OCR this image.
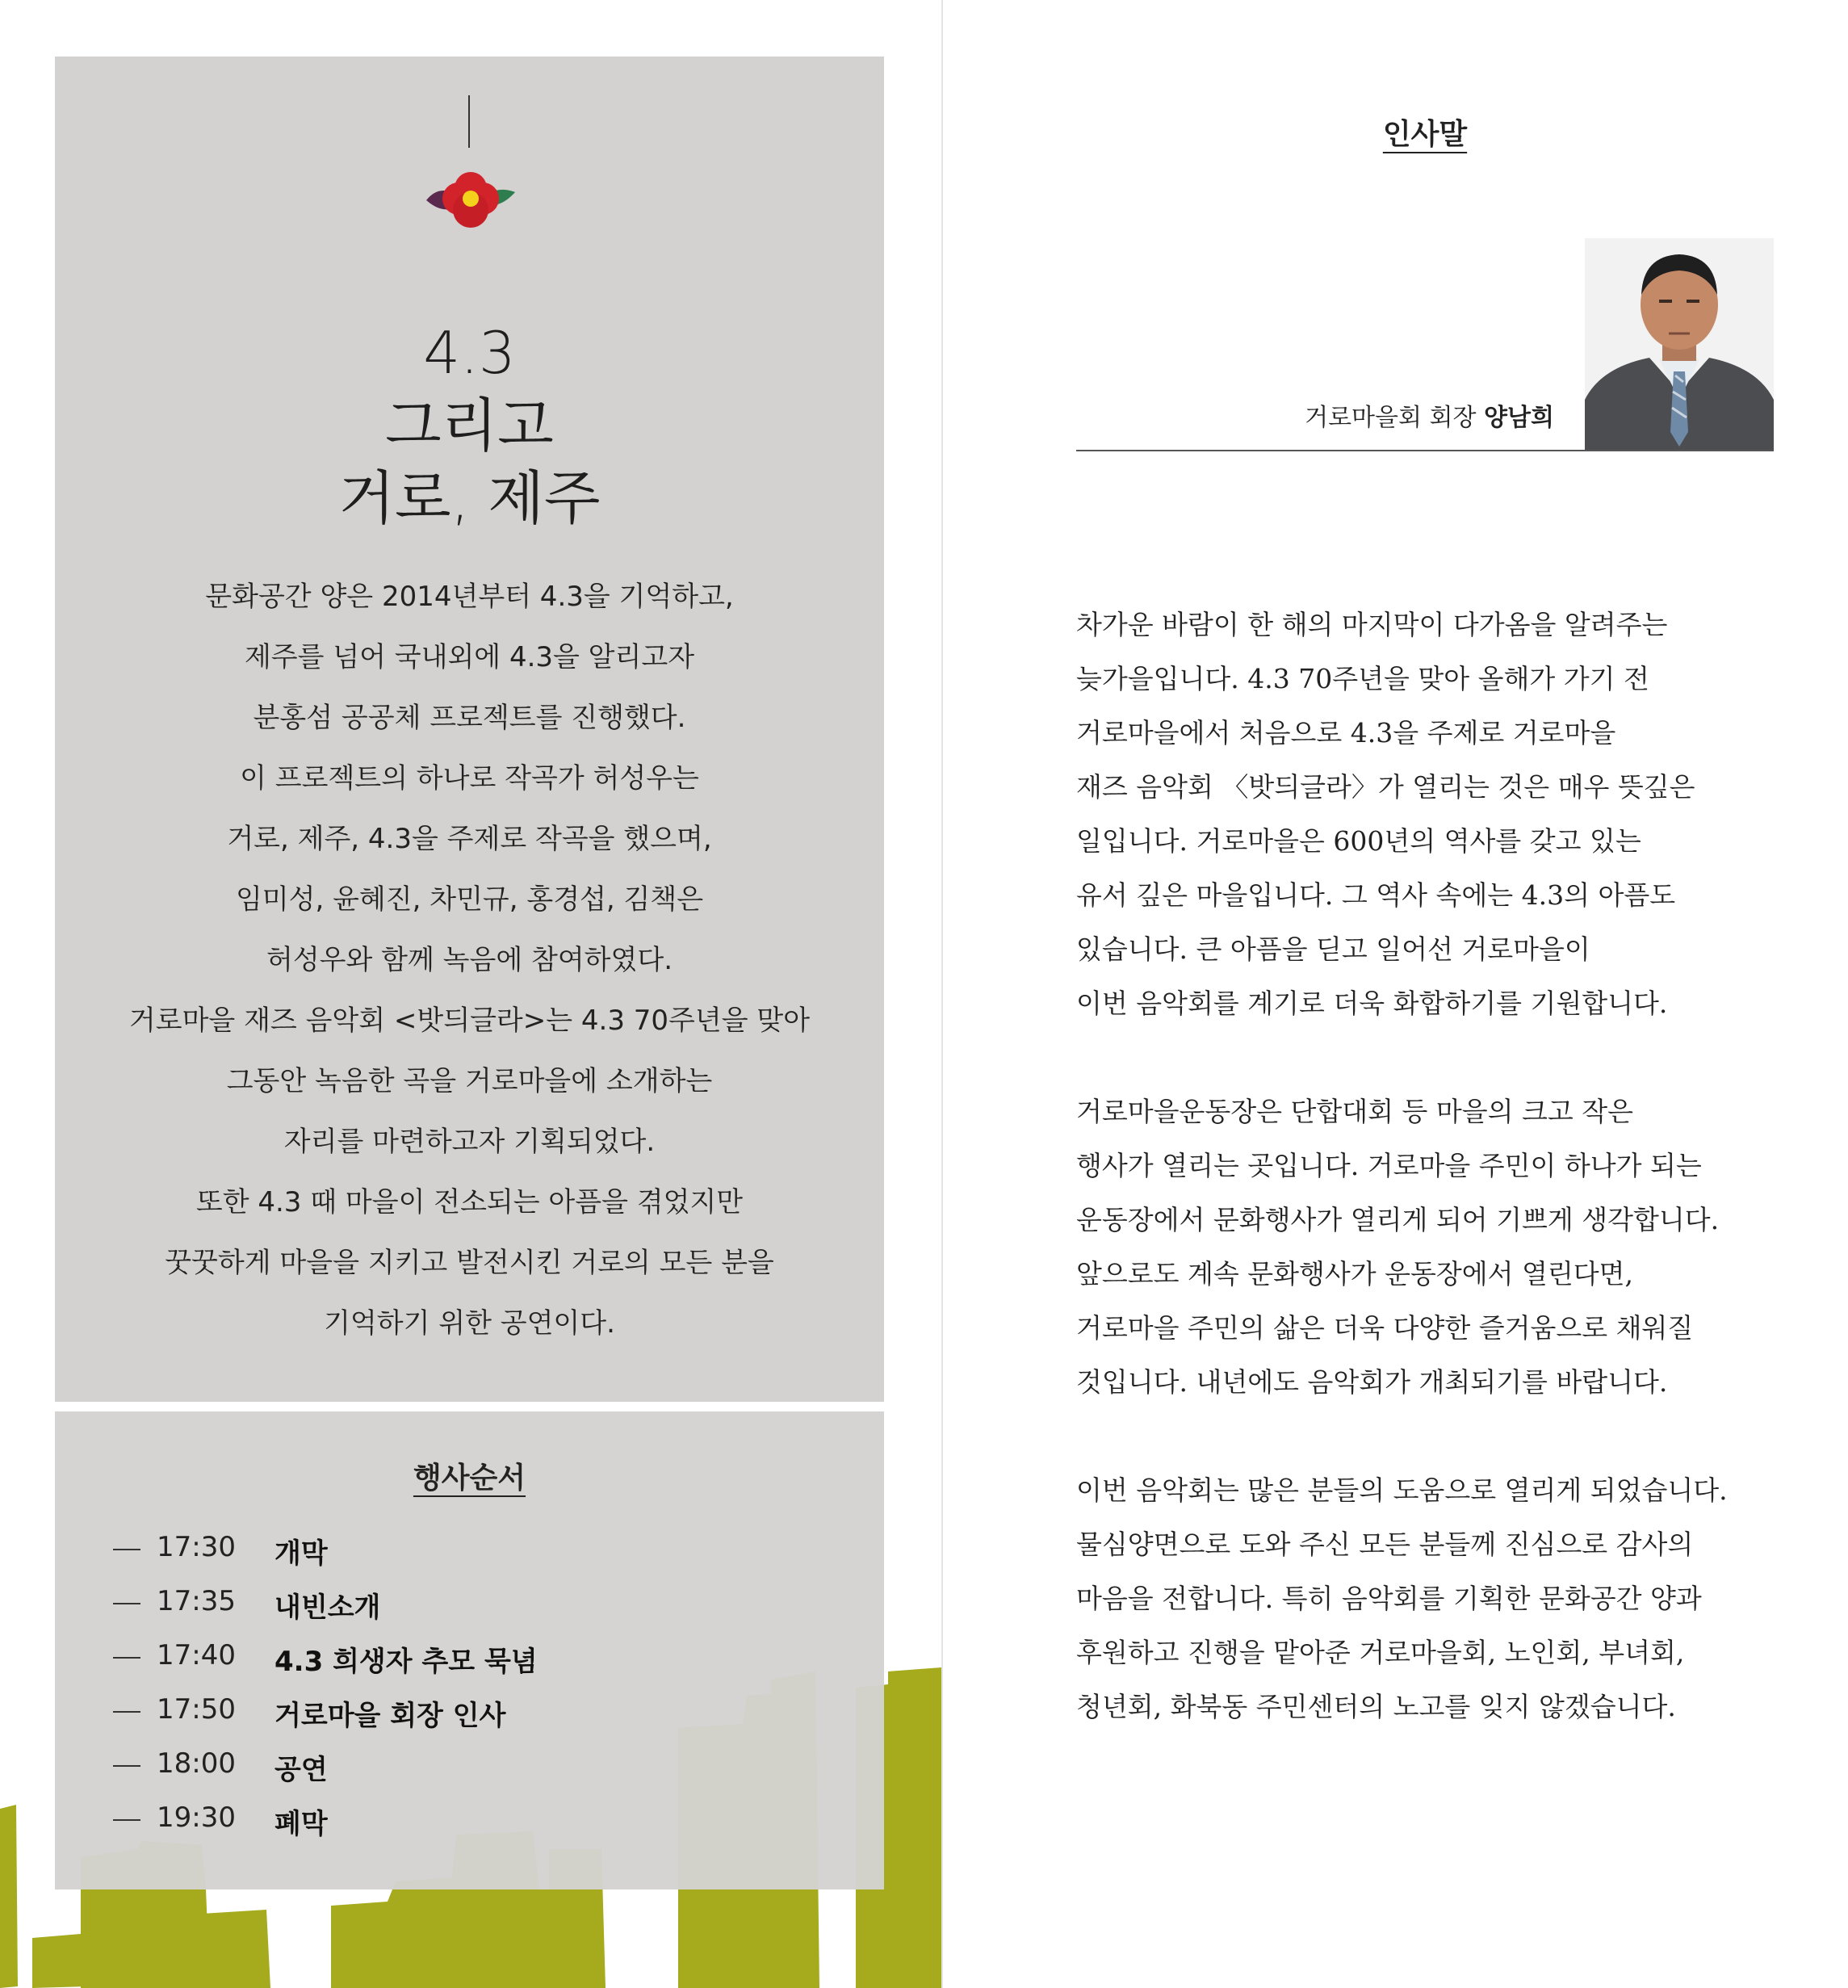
4.3
그리고
거로, 제주
문화공간 양은 2014년부터 4.3을 기억하고,
제주를 넘어 국내외에 4.3을 알리고자
분홍섬 공공체 프로젝트를 진행했다.
이 프로젝트의 하나로 작곡가 허성우는
거로, 제주, 4.3을 주제로 작곡을 했으며,
임미성, 윤혜진, 차민규, 홍경섭, 김책은
허성우와 함께 녹음에 참여하였다.
거로마을 재즈 음악회 <밧듸글라>는 4.3 70주년을 맞아
그동안 녹음한 곡을 거로마을에 소개하는
자리를 마련하고자 기획되었다.
또한 4.3 때 마을이 전소되는 아픔을 겪었지만
꿋꿋하게 마을을 지키고 발전시킨 거로의 모든 분을
기억하기 위한 공연이다.
행사순서
17:30 개막
17:35 내빈소개
17:40 4.3 희생자 추모 묵념
17:50 거로마을 회장 인사
18:00 공연
19:30 폐막
인사말
거로마을회 회장 양남희
차가운 바람이 한 해의 마지막이 다가옴을 알려주는
늦가을입니다. 4.3 70주년을 맞아 올해가 가기 전
거로마을에서 처음으로 4.3을 주제로 거로마을
재즈 음악회 〈밧듸글라〉가 열리는 것은 매우 뜻깊은
일입니다. 거로마을은 600년의 역사를 갖고 있는
유서 깊은 마을입니다. 그 역사 속에는 4.3의 아픔도
있습니다. 큰 아픔을 딛고 일어선 거로마을이
이번 음악회를 계기로 더욱 화합하기를 기원합니다.
거로마을운동장은 단합대회 등 마을의 크고 작은
행사가 열리는 곳입니다. 거로마을 주민이 하나가 되는
운동장에서 문화행사가 열리게 되어 기쁘게 생각합니다.
앞으로도 계속 문화행사가 운동장에서 열린다면,
거로마을 주민의 삶은 더욱 다양한 즐거움으로 채워질
것입니다. 내년에도 음악회가 개최되기를 바랍니다.
이번 음악회는 많은 분들의 도움으로 열리게 되었습니다.
물심양면으로 도와 주신 모든 분들께 진심으로 감사의
마음을 전합니다. 특히 음악회를 기획한 문화공간 양과
후원하고 진행을 맡아준 거로마을회, 노인회, 부녀회,
청년회, 화북동 주민센터의 노고를 잊지 않겠습니다.
